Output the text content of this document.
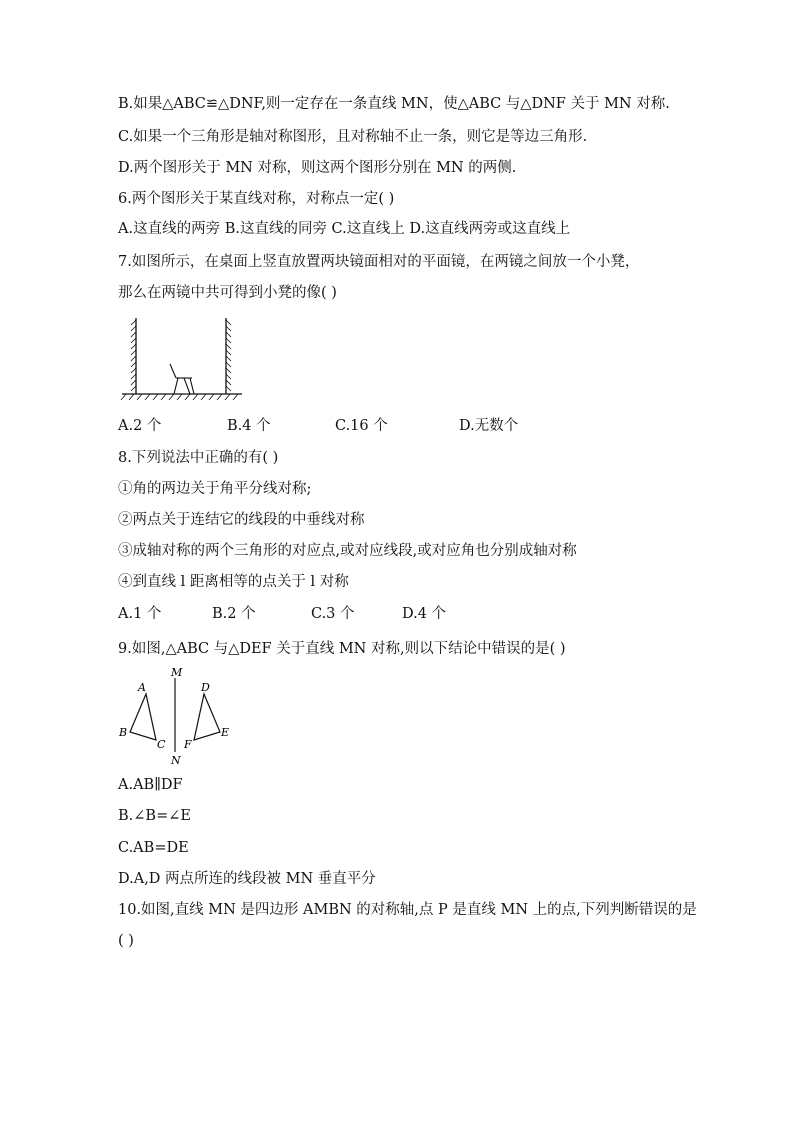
B.如果△ABC≌△DNF,则一定存在一条直线 MN，使△ABC 与△DNF 关于 MN 对称.
C.如果一个三角形是轴对称图形，且对称轴不止一条，则它是等边三角形.
D.两个图形关于 MN 对称，则这两个图形分别在 MN 的两侧.
6.两个图形关于某直线对称，对称点一定( )
A.这直线的两旁 B.这直线的同旁 C.这直线上 D.这直线两旁或这直线上
7.如图所示，在桌面上竖直放置两块镜面相对的平面镜，在两镜之间放一个小凳，
那么在两镜中共可得到小凳的像( )
A.2 个	B.4 个	C.16 个	D.无数个
8.下列说法中正确的有( )
①角的两边关于角平分线对称;
②两点关于连结它的线段的中垂线对称
③成轴对称的两个三角形的对应点,或对应线段,或对应角也分别成轴对称
④到直线 l 距离相等的点关于 l 对称
A.1 个	B.2 个	C.3 个	D.4 个
9.如图,△ABC 与△DEF 关于直线 MN 对称,则以下结论中错误的是( )
M
N
A
B
C
D
E
F
A.AB∥DF
B.∠B=∠E
C.AB=DE
D.A,D 两点所连的线段被 MN 垂直平分
10.如图,直线 MN 是四边形 AMBN 的对称轴,点 P 是直线 MN 上的点,下列判断错误的是
( )
